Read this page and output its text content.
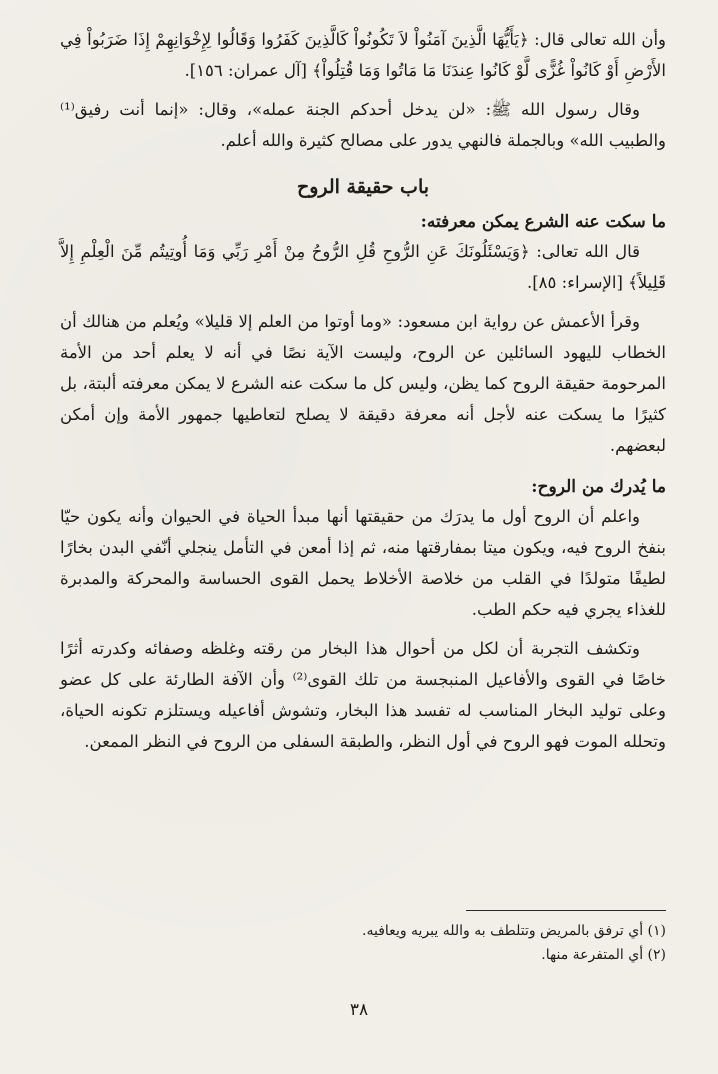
وأن الله تعالى قال: ﴿يَأَيُّهَا الَّذِينَ آمَنُواْ لاَ تَكُونُواْ كَالَّذِينَ كَفَرُوا وَقَالُوا لِإِخْوَانِهِمْ إِذَا ضَرَبُواْ فِي الأَرْضِ أَوْ كَانُواْ غُزًّى لَّوْ كَانُوا عِندَنَا مَا مَاتُوا وَمَا قُتِلُواْ﴾ [آل عمران: ١٥٦].

وقال رسول الله ﷺ: «لن يدخل أحدكم الجنة عمله»، وقال: «إنما أنت رفيق⁽¹⁾ والطبيب الله» وبالجملة فالنهي يدور على مصالح كثيرة والله أعلم.

باب حقيقة الروح
ما سكت عنه الشرع يمكن معرفته:

قال الله تعالى: ﴿وَيَسْئَلُونَكَ عَنِ الرُّوحِ قُلِ الرُّوحُ مِنْ أَمْرِ رَبِّي وَمَا أُوتِيتُم مِّنَ الْعِلْمِ إِلاَّ قَلِيلاً﴾ [الإسراء: ٨٥].

وقرأ الأعمش عن رواية ابن مسعود: «وما أوتوا من العلم إلا قليلا» ويُعلم من هنالك أن الخطاب لليهود السائلين عن الروح، وليست الآية نصًا في أنه لا يعلم أحد من الأمة المرحومة حقيقة الروح كما يظن، وليس كل ما سكت عنه الشرع لا يمكن معرفته ألبتة، بل كثيرًا ما يسكت عنه لأجل أنه معرفة دقيقة لا يصلح لتعاطيها جمهور الأمة وإن أمكن لبعضهم.

ما يُدرك من الروح:

واعلم أن الروح أول ما يدرَك من حقيقتها أنها مبدأ الحياة في الحيوان وأنه يكون حيّا بنفخ الروح فيه، ويكون ميتا بمفارقتها منه، ثم إذا أمعن في التأمل ينجلي أنّفي البدن بخارًا لطيفًا متولدًا في القلب من خلاصة الأخلاط يحمل القوى الحساسة والمحركة والمدبرة للغذاء يجري فيه حكم الطب.

وتكشف التجربة أن لكل من أحوال هذا البخار من رقته وغلظه وصفائه وكدرته أثرًا خاصًا في القوى والأفاعيل المنبجسة من تلك القوى⁽²⁾ وأن الآفة الطارئة على كل عضو وعلى توليد البخار المناسب له تفسد هذا البخار، وتشوش أفاعيله ويستلزم تكونه الحياة، وتحلله الموت فهو الروح في أول النظر، والطبقة السفلى من الروح في النظر الممعن.

(١) أي ترفق بالمريض وتتلطف به والله يبريه ويعافيه.
(٢) أي المتفرعة منها.
٣٨
